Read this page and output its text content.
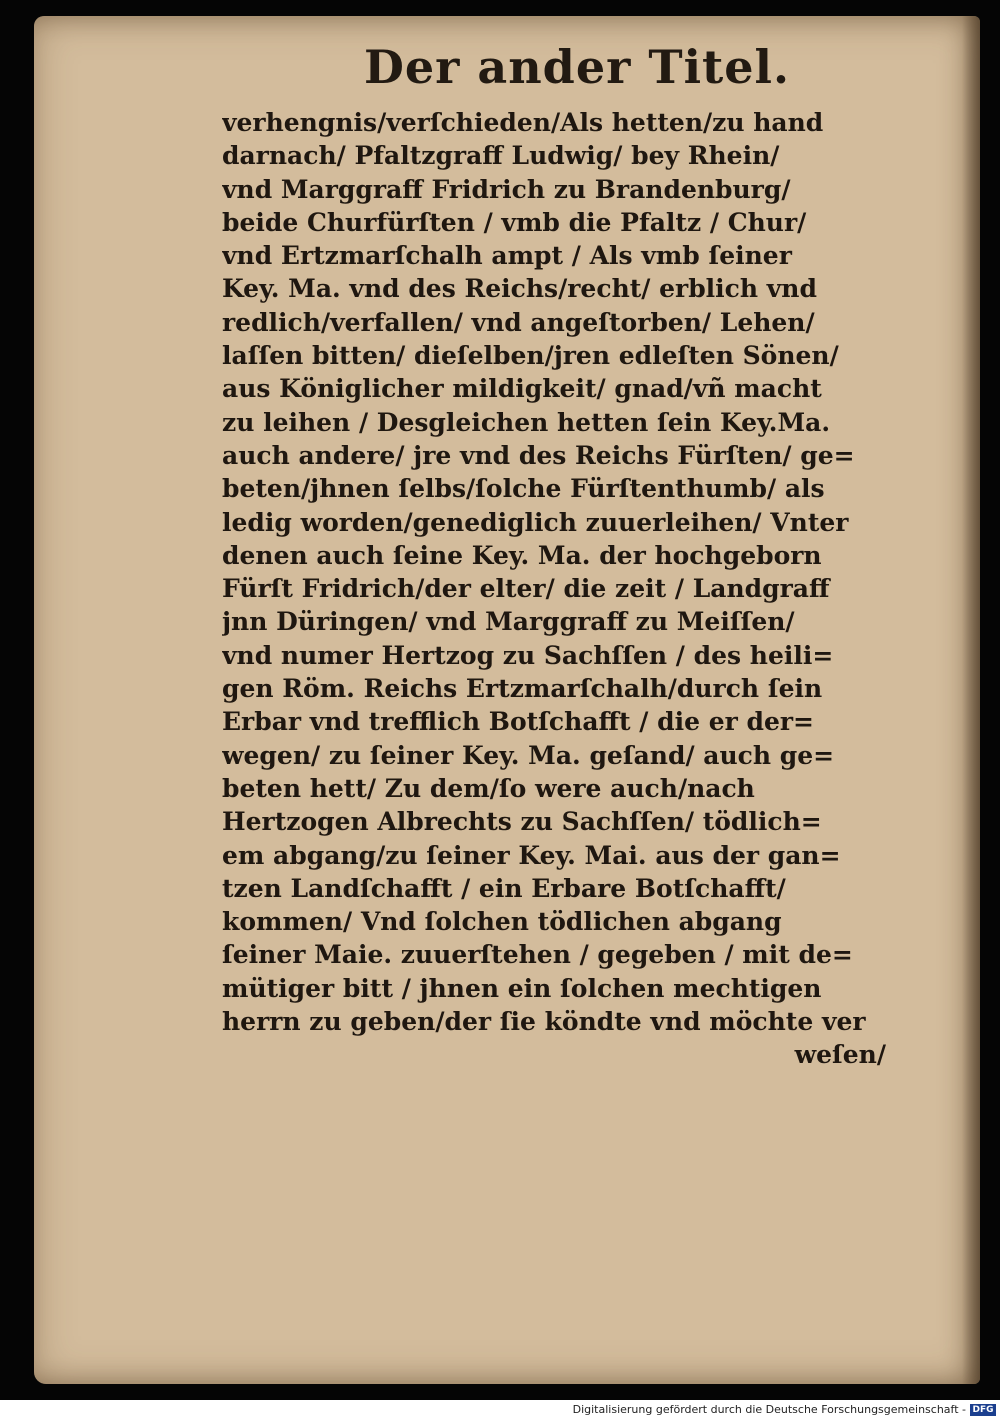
Der ander Titel.
verhengnis/verſchieden/Als hetten/zu hand
darnach/ Pfaltzgraff Ludwig/ bey Rhein/
vnd Marggraff Fridrich zu Brandenburg/
beide Churfürſten / vmb die Pfaltz / Chur/
vnd Ertzmarſchalh ampt / Als vmb ſeiner
Key. Ma. vnd des Reichs/recht/ erblich vnd
redlich/verfallen/ vnd angeſtorben/ Lehen/
laſſen bitten/ dieſelben/jren edleſten Sönen/
aus Königlicher mildigkeit/ gnad/vñ macht
zu leihen / Desgleichen hetten ſein Key.Ma.
auch andere/ jre vnd des Reichs Fürſten/ ge=
beten/jhnen ſelbs/ſolche Fürſtenthumb/ als
ledig worden/genediglich zuuerleihen/ Vnter
denen auch ſeine Key. Ma. der hochgeborn
Fürſt Fridrich/der elter/ die zeit / Landgraff
jnn Düringen/ vnd Marggraff zu Meiſſen/
vnd numer Hertzog zu Sachſſen / des heili=
gen Röm. Reichs Ertzmarſchalh/durch ſein
Erbar vnd trefflich Botſchafft / die er der=
wegen/ zu ſeiner Key. Ma. geſand/ auch ge=
beten hett/ Zu dem/ſo were auch/nach
Hertzogen Albrechts zu Sachſſen/ tödlich=
em abgang/zu ſeiner Key. Mai. aus der gan=
tzen Landſchafft / ein Erbare Botſchafft/
kommen/ Vnd ſolchen tödlichen abgang
ſeiner Maie. zuuerſtehen / gegeben / mit de=
mütiger bitt / jhnen ein ſolchen mechtigen
herrn zu geben/der ſie köndte vnd möchte ver
weſen/
Digitalisierung gefördert durch die Deutsche Forschungsgemeinschaft - DFG
